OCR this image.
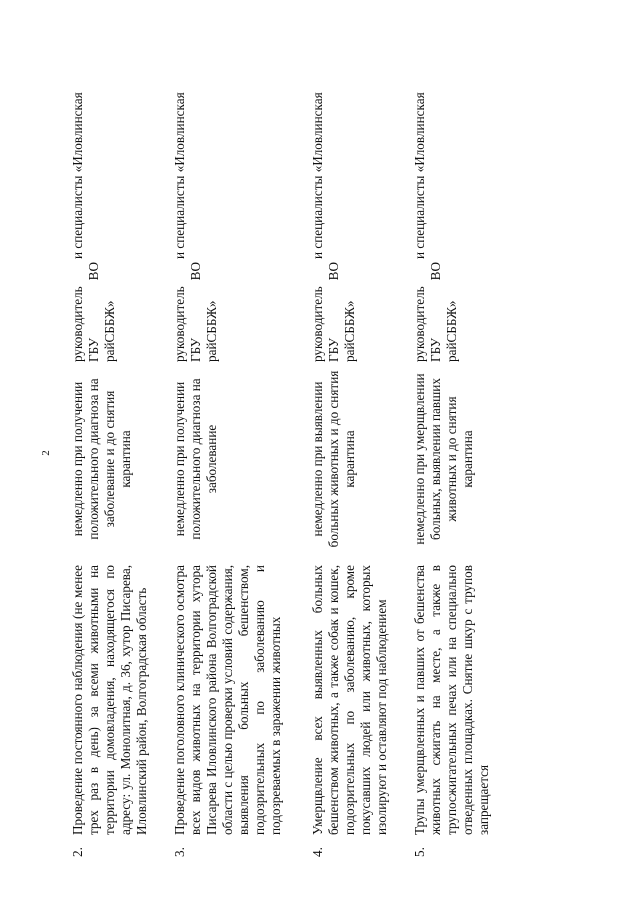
2
2.
Проведение постоянного наблюдения (не менее трех раз в день) за всеми животными на территории домовладения, находящегося по адресу: ул. Монолитная, д. 36, хутор Писарева, Иловлинский район, Волгоградская область
немедленно при получении положительного диагноза на заболевание и до снятия карантина
руководитель ГБУ ВО райСББЖ»
и специалисты «Иловлинская
3.
Проведение поголовного клинического осмотра всех видов животных на территории хутора Писарева Иловлинского района Волгоградской области с целью проверки условий содержания, выявления больных бешенством, подозрительных по заболеванию и подозреваемых в заражении животных
немедленно при получении положительного диагноза на заболевание
руководитель ГБУ ВО райСББЖ»
и специалисты «Иловлинская
4.
Умерщвление всех выявленных больных бешенством животных, а также собак и кошек, подозрительных по заболеванию, кроме покусавших людей или животных, которых изолируют и оставляют под наблюдением
немедленно при выявлении больных животных и до снятия карантина
руководитель ГБУ ВО райСББЖ»
и специалисты «Иловлинская
5.
Трупы умерщвленных и павших от бешенства животных сжигать на месте, а также в трупосжигательных печах или на специально отведенных площадках. Снятие шкур с трупов запрещается
немедленно при умерщвлении больных, выявлении павших животных и до снятия карантина
руководитель ГБУ ВО райСББЖ»
и специалисты «Иловлинская
